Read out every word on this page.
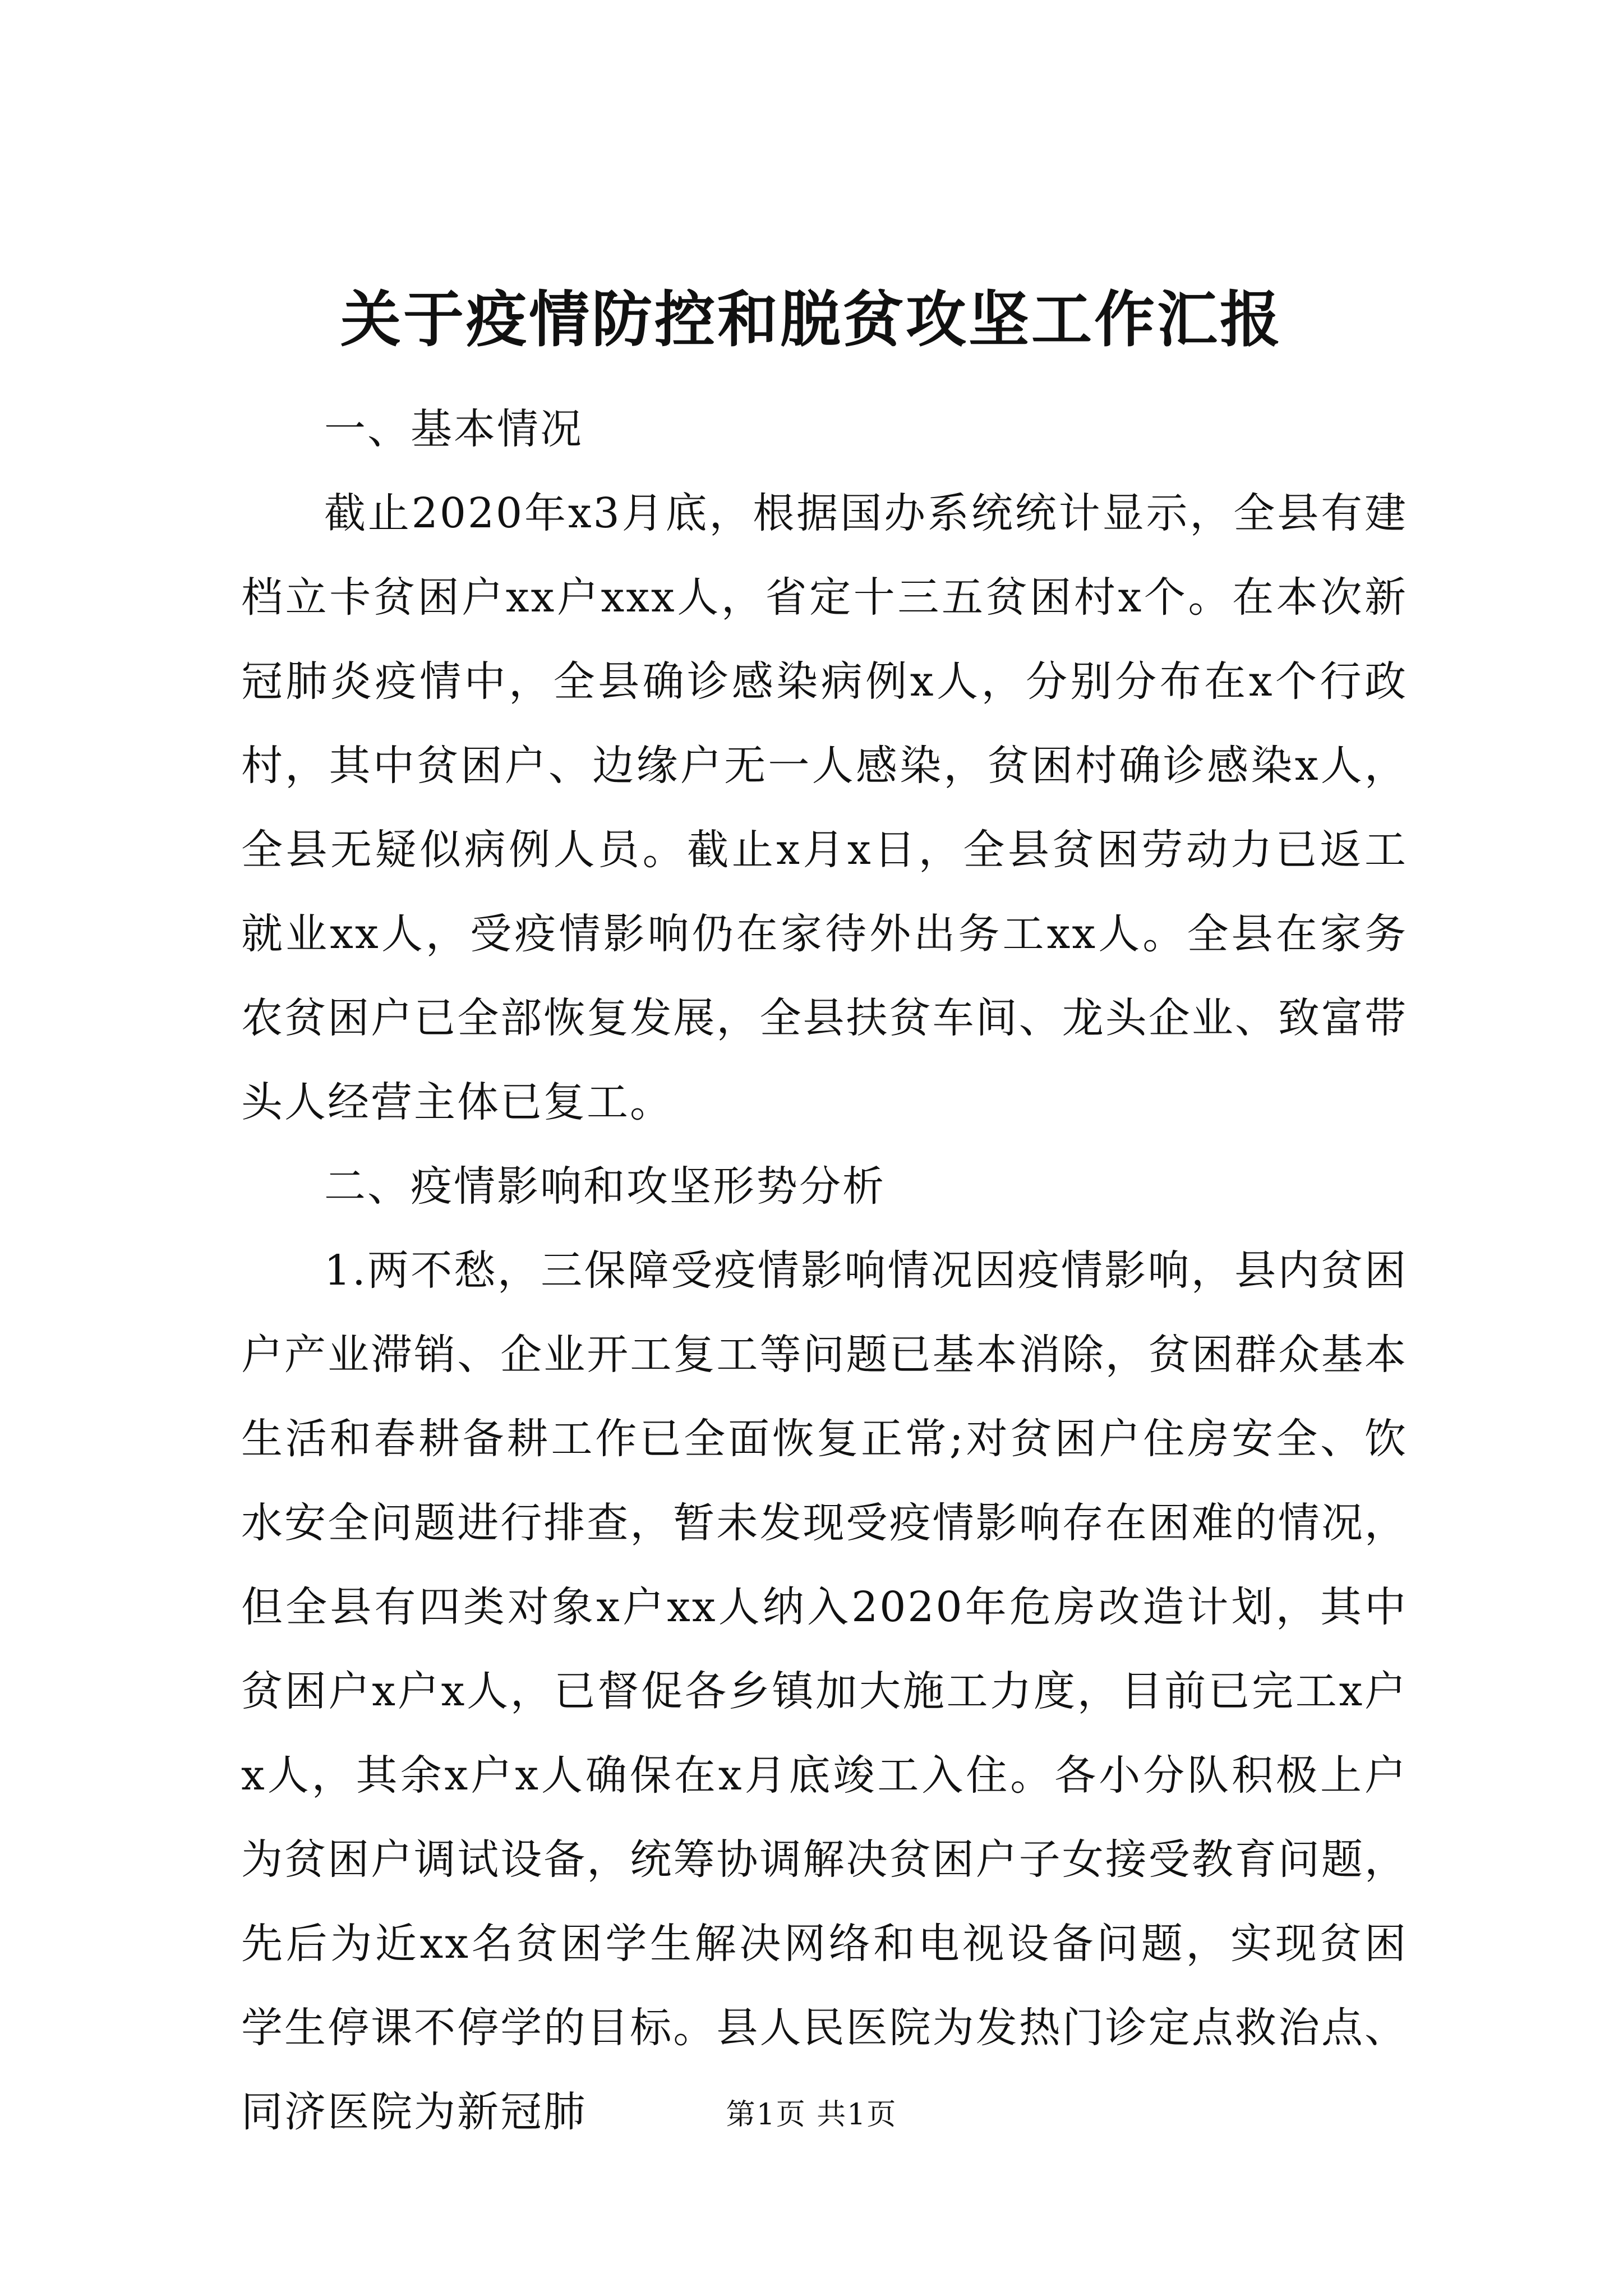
关于疫情防控和脱贫攻坚工作汇报

一、基本情况

截止2020年x3月底，根据国办系统统计显示，全县有建档立卡贫困户xx户xxx人，省定十三五贫困村x个。在本次新冠肺炎疫情中，全县确诊感染病例x人，分别分布在x个行政村，其中贫困户、边缘户无一人感染，贫困村确诊感染x人，全县无疑似病例人员。截止x月x日，全县贫困劳动力已返工就业xx人，受疫情影响仍在家待外出务工xx人。全县在家务农贫困户已全部恢复发展，全县扶贫车间、龙头企业、致富带头人经营主体已复工。

二、疫情影响和攻坚形势分析

1.两不愁，三保障受疫情影响情况因疫情影响，县内贫困户产业滞销、企业开工复工等问题已基本消除，贫困群众基本生活和春耕备耕工作已全面恢复正常;对贫困户住房安全、饮水安全问题进行排查，暂未发现受疫情影响存在困难的情况，但全县有四类对象x户xx人纳入2020年危房改造计划，其中贫困户x户x人，已督促各乡镇加大施工力度，目前已完工x户x人，其余x户x人确保在x月底竣工入住。各小分队积极上户为贫困户调试设备，统筹协调解决贫困户子女接受教育问题，先后为近xx名贫困学生解决网络和电视设备问题，实现贫困学生停课不停学的目标。县人民医院为发热门诊定点救治点、同济医院为新冠肺	第1页 共1页
